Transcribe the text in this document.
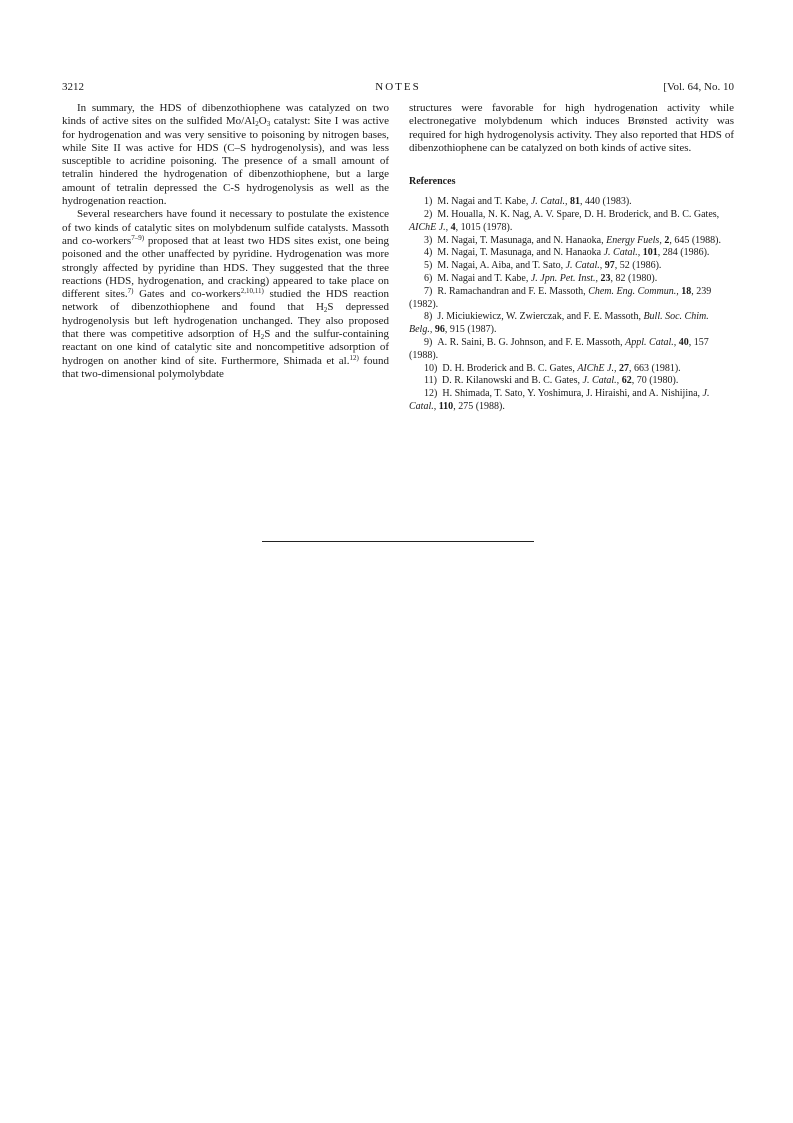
3212	NOTES	[Vol. 64, No. 10

In summary, the HDS of dibenzothiophene was catalyzed on two kinds of active sites on the sulfided $Mo/Al_2O_3$ catalyst: Site I was active for hydrogenation and was very sensitive to poisoning by nitrogen bases, while Site II was active for HDS (C–S hydrogenolysis), and was less susceptible to acridine poisoning. The presence of a small amount of tetralin hindered the hydrogenation of dibenzothiophene, but a large amount of tetralin depressed the C-S hydrogenolysis as well as the hydrogenation reaction.

Several researchers have found it necessary to postulate the existence of two kinds of catalytic sites on molybdenum sulfide catalysts. Massoth and co-workers$^{7-9)}$ proposed that at least two HDS sites exist, one being poisoned and the other unaffected by pyridine. Hydrogenation was more strongly affected by pyridine than HDS. They suggested that the three reactions (HDS, hydrogenation, and cracking) appeared to take place on different sites.$^{7)}$ Gates and co-workers$^{2,10,11)}$ studied the HDS reaction network of dibenzothiophene and found that $H_2S$ depressed hydrogenolysis but left hydrogenation unchanged. They also proposed that there was competitive adsorption of $H_2S$ and the sulfur-containing reactant on one kind of catalytic site and noncompetitive adsorption of hydrogen on another kind of site. Furthermore, Shimada et al.$^{12)}$ found that two-dimensional polymolybdate

structures were favorable for high hydrogenation activity while electronegative molybdenum which induces Brønsted activity was required for high hydrogenolysis activity. They also reported that HDS of dibenzothiophene can be catalyzed on both kinds of active sites.

References

1) M. Nagai and T. Kabe, J. Catal., 81, 440 (1983).

2) M. Houalla, N. K. Nag, A. V. Spare, D. H. Broderick, and B. C. Gates, AIChE J., 4, 1015 (1978).

3) M. Nagai, T. Masunaga, and N. Hanaoka, Energy Fuels, 2, 645 (1988).

4) M. Nagai, T. Masunaga, and N. Hanaoka J. Catal., 101, 284 (1986).

5) M. Nagai, A. Aiba, and T. Sato, J. Catal., 97, 52 (1986).

6) M. Nagai and T. Kabe, J. Jpn. Pet. Inst., 23, 82 (1980).

7) R. Ramachandran and F. E. Massoth, Chem. Eng. Commun., 18, 239 (1982).

8) J. Miciukiewicz, W. Zwierczak, and F. E. Massoth, Bull. Soc. Chim. Belg., 96, 915 (1987).

9) A. R. Saini, B. G. Johnson, and F. E. Massoth, Appl. Catal., 40, 157 (1988).

10) D. H. Broderick and B. C. Gates, AIChE J., 27, 663 (1981).

11) D. R. Kilanowski and B. C. Gates, J. Catal., 62, 70 (1980).

12) H. Shimada, T. Sato, Y. Yoshimura, J. Hiraishi, and A. Nishijina, J. Catal., 110, 275 (1988).
